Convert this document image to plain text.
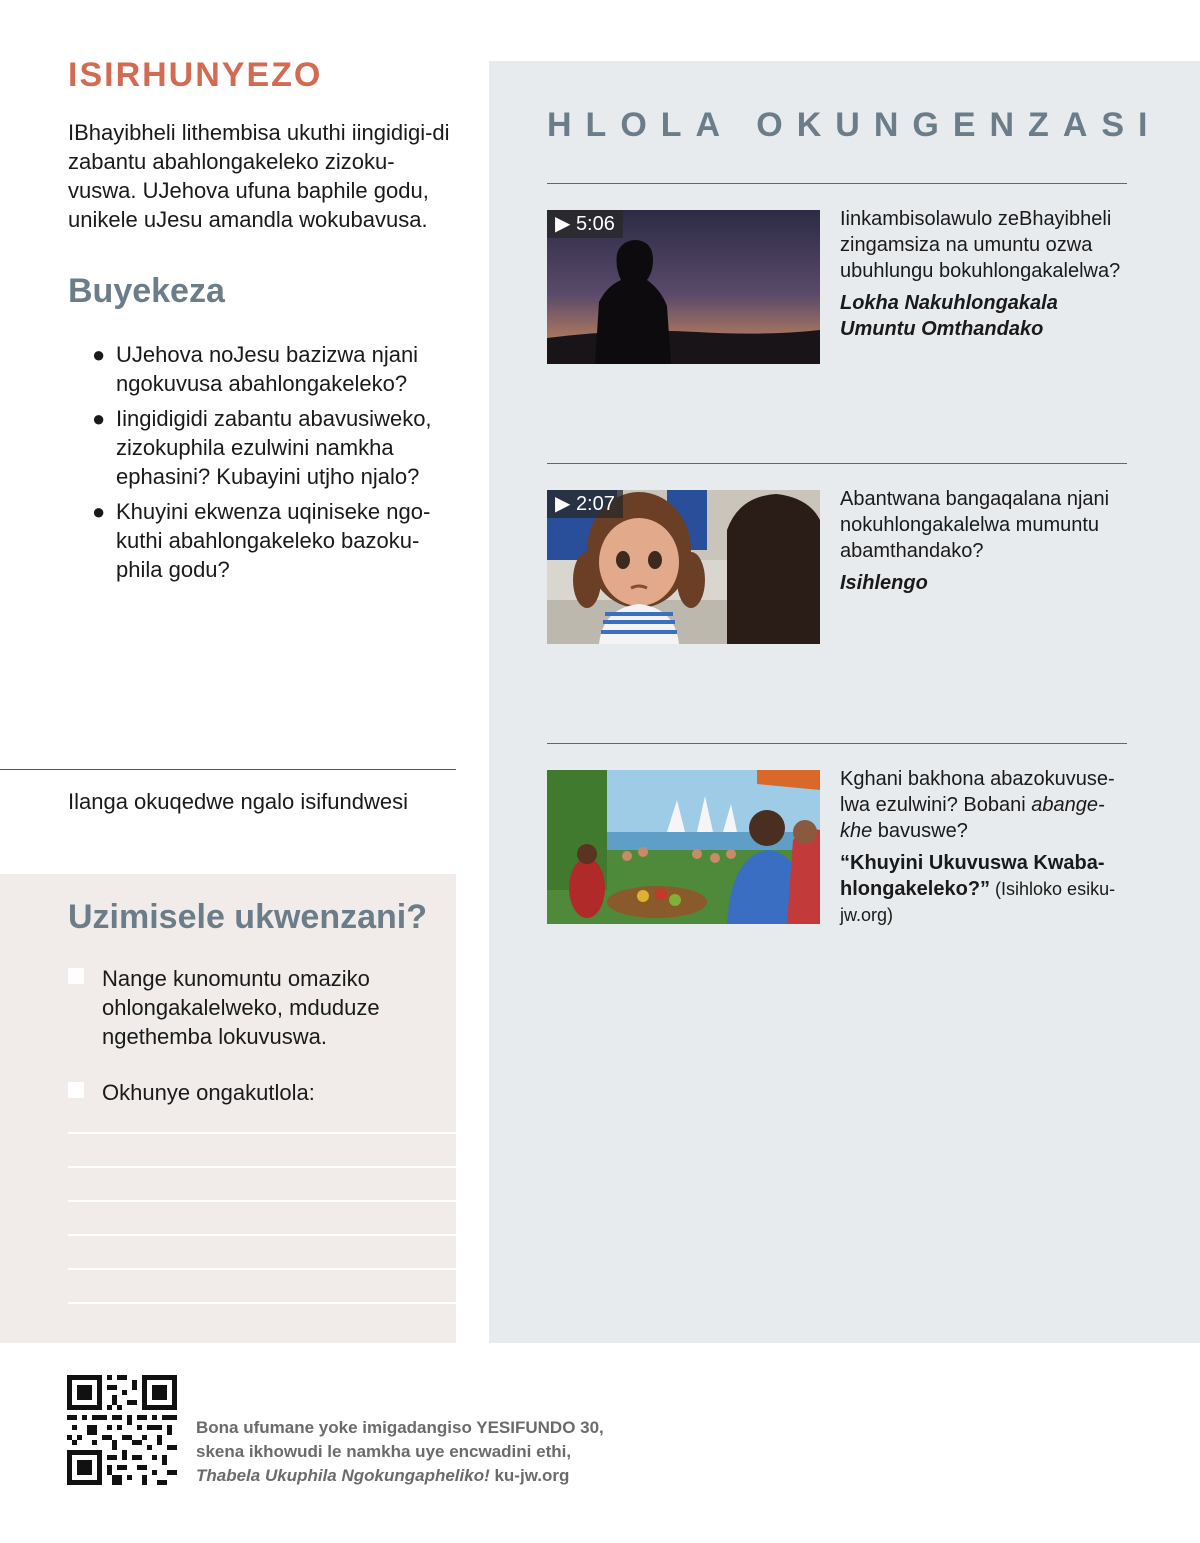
ISIRHUNYEZO

IBhayibheli lithembisa ukuthi iingidigi-di zabantu abahlongakeleko zizoku-vuswa. UJehova ufuna baphile godu, unikele uJesu amandla wokubavusa.

Buyekeza
● UJehova noJesu bazizwa njani ngokuvusa abahlongakeleko?
● Iingidigidi zabantu abavusiweko, zizokuphila ezulwini namkha ephasini? Kubayini utjho njalo?
● Khuyini ekwenza uqiniseke ngo-kuthi abahlongakeleko bazoku-phila godu?

Ilanga okuqedwe ngalo isifundwesi

Uzimisele ukwenzani?
Nange kunomuntu omaziko ohlongakalelweko, mduduze ngethemba lokuvuswa.
Okhunye ongakutlola:
HLOLA OKUNGENZASI
▶ 5:06	Iinkambisolawulo zeBhayibheli zingamsiza na umuntu ozwa ubuhlungu bokuhlongakalelwa?

Lokha Nakuhlongakala Umuntu Omthandako

▶ 2:07	Abantwana bangaqalana njani nokuhlongakalelwa mumuntu abamthandako?

Isihlengo

Kghani bakhona abazokuvuse-lwa ezulwini? Bobani abange-khe bavuswe?

“Khuyini Ukuvuswa Kwaba-hlongakeleko?” (Isihloko esiku-jw.org)

Bona ufumane yoke imigadangiso YESIFUNDO 30,

skena ikhowudi le namkha uye encwadini ethi,

Thabela Ukuphila Ngokungapheliko! ku-jw.org
